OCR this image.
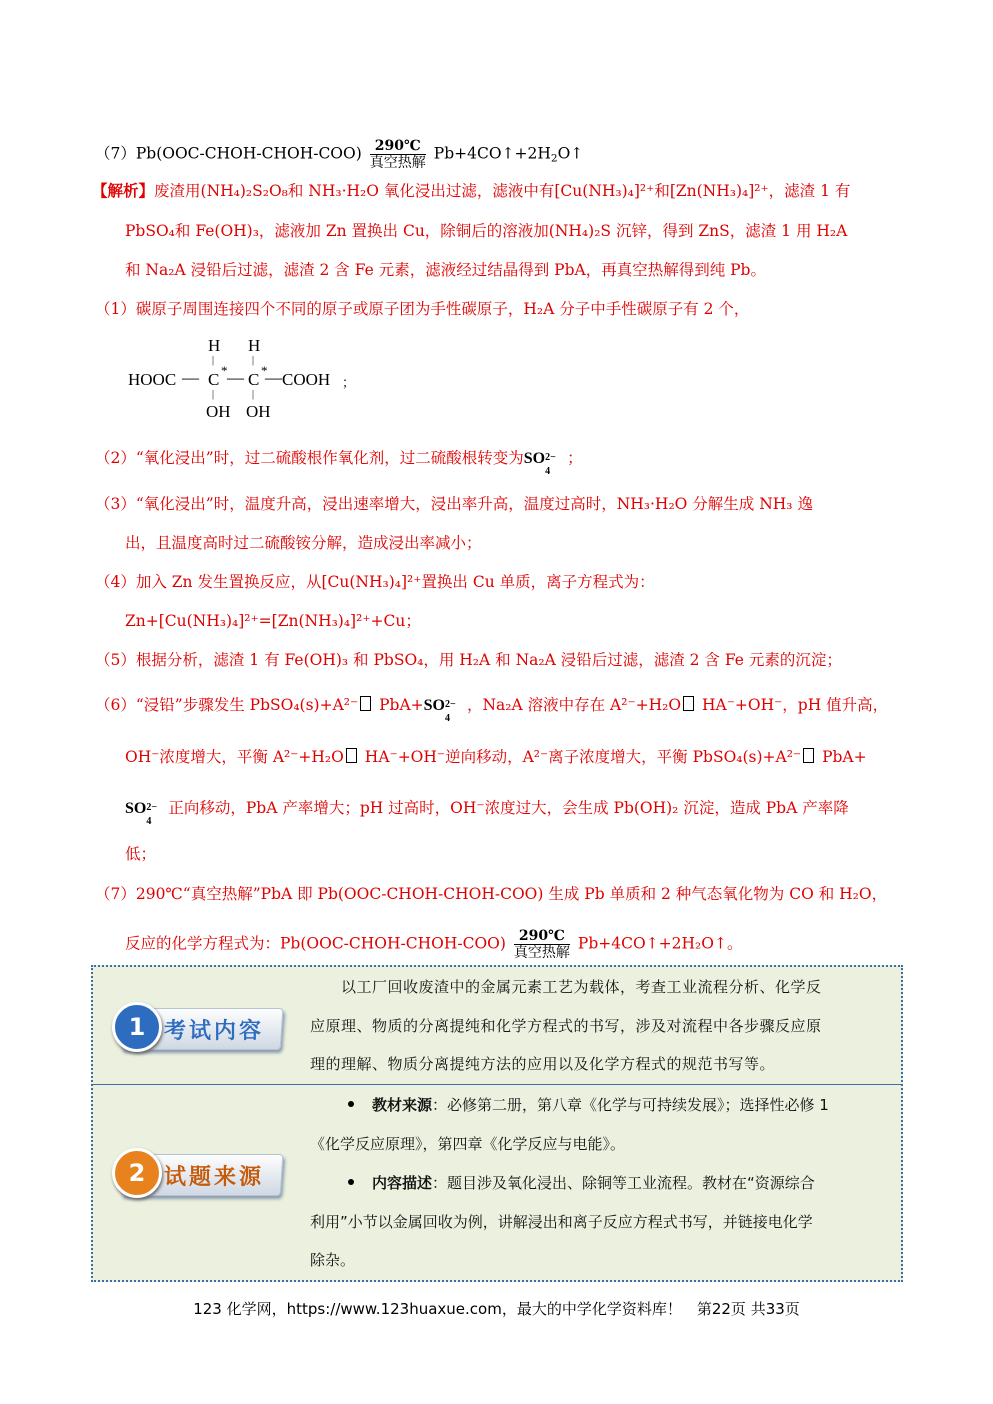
（7）Pb(OOC-CHOH-CHOH-COO) $\frac{290℃}{\text{真空热解}}$ $Pb+4CO↑+2H_2O↑$
【解析】废渣用(NH₄)₂S₂O₈和 NH₃·H₂O 氧化浸出过滤，滤液中有[Cu(NH₃)₄]²⁺和[Zn(NH₃)₄]²⁺，滤渣 1 有
PbSO₄和 Fe(OH)₃，滤液加 Zn 置换出 Cu，除铜后的溶液加(NH₄)₂S 沉锌，得到 ZnS，滤渣 1 用 H₂A
和 Na₂A 浸铅后过滤，滤渣 2 含 Fe 元素，滤液经过结晶得到 PbA，再真空热解得到纯 Pb。
（1）碳原子周围连接四个不同的原子或原子团为手性碳原子，H₂A 分子中手性碳原子有 2 个，
H H
|	|
HOOC — C * — C *
— COOH ；
|	|
OH OH
（2）“氧化浸出”时，过二硫酸根作氧化剂，过二硫酸根转变为SO 2−
4
；
（3）“氧化浸出”时，温度升高，浸出速率增大，浸出率升高，温度过高时，NH₃·H₂O 分解生成 NH₃ 逸
出，且温度高时过二硫酸铵分解，造成浸出率减小；
（4）加入 Zn 发生置换反应，从[Cu(NH₃)₄]²⁺置换出 Cu 单质，离子方程式为：
Zn+[Cu(NH₃)₄]²⁺=[Zn(NH₃)₄]²⁺+Cu；
（5）根据分析，滤渣 1 有 Fe(OH)₃ 和 PbSO₄，用 H₂A 和 Na₂A 浸铅后过滤，滤渣 2 含 Fe 元素的沉淀；
（6）“浸铅”步骤发生 PbSO₄(s)+A²⁻ PbA+SO 2−
4
，Na₂A 溶液中存在 A²⁻+H₂O HA⁻+OH⁻，pH 值升高，
OH⁻浓度增大，平衡 A²⁻+H₂O HA⁻+OH⁻逆向移动，A²⁻离子浓度增大，平衡 PbSO₄(s)+A²⁻ PbA+
SO 2−
4
正向移动，PbA 产率增大；pH 过高时，OH⁻浓度过大，会生成 Pb(OH)₂ 沉淀，造成 PbA 产率降
低；
（7）290℃“真空热解”PbA 即 Pb(OOC-CHOH-CHOH-COO) 生成 Pb 单质和 2 种气态氧化物为 CO 和 H₂O，
反应的化学方程式为：Pb(OOC-CHOH-CHOH-COO) $\frac{290℃}{\text{真空热解}}$ Pb+4CO↑+2H₂O↑。
1 考试内容
　　以工厂回收废渣中的金属元素工艺为载体，考查工业流程分析、化学反
应原理、物质的分离提纯和化学方程式的书写，涉及对流程中各步骤反应原
理的理解、物质分离提纯方法的应用以及化学方程式的规范书写等。
2 试题来源
教材来源：必修第二册，第八章《化学与可持续发展》；选择性必修 1
《化学反应原理》，第四章《化学反应与电能》。
内容描述：题目涉及氧化浸出、除铜等工业流程。教材在“资源综合
利用”小节以金属回收为例，讲解浸出和离子反应方程式书写，并链接电化学
除杂。
123 化学网，https://www.123huaxue.com，最大的中学化学资料库！　第22页 共33页
